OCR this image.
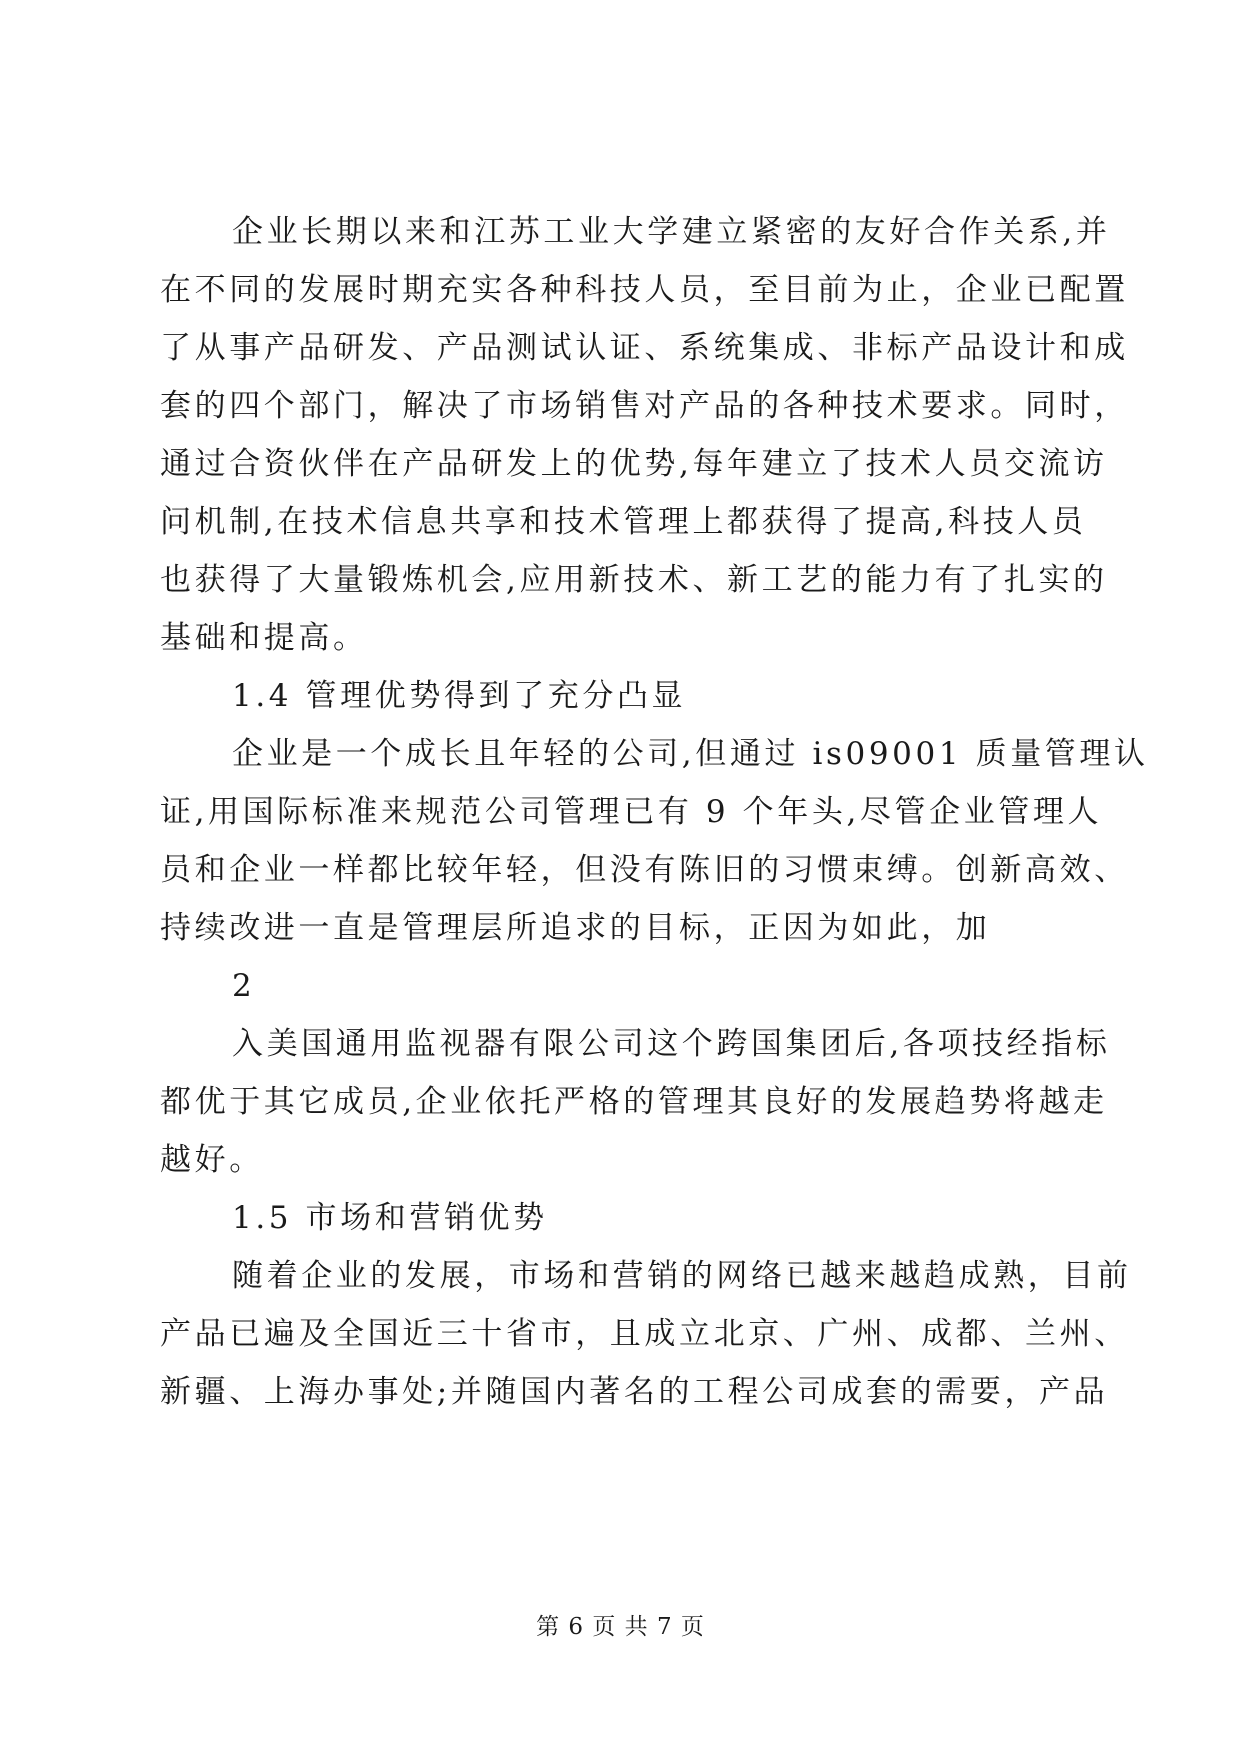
企业长期以来和江苏工业大学建立紧密的友好合作关系,并
在不同的发展时期充实各种科技人员，至目前为止，企业已配置
了从事产品研发、产品测试认证、系统集成、非标产品设计和成
套的四个部门，解决了市场销售对产品的各种技术要求。同时，
通过合资伙伴在产品研发上的优势,每年建立了技术人员交流访
问机制,在技术信息共享和技术管理上都获得了提高,科技人员
也获得了大量锻炼机会,应用新技术、新工艺的能力有了扎实的
基础和提高。
1.4 管理优势得到了充分凸显
企业是一个成长且年轻的公司,但通过 is09001 质量管理认
证,用国际标准来规范公司管理已有 9 个年头,尽管企业管理人
员和企业一样都比较年轻，但没有陈旧的习惯束缚。创新高效、
持续改进一直是管理层所追求的目标，正因为如此，加
2
入美国通用监视器有限公司这个跨国集团后,各项技经指标
都优于其它成员,企业依托严格的管理其良好的发展趋势将越走
越好。
1.5 市场和营销优势
随着企业的发展，市场和营销的网络已越来越趋成熟，目前
产品已遍及全国近三十省市，且成立北京、广州、成都、兰州、
新疆、上海办事处;并随国内著名的工程公司成套的需要，产品
第 6 页 共 7 页
